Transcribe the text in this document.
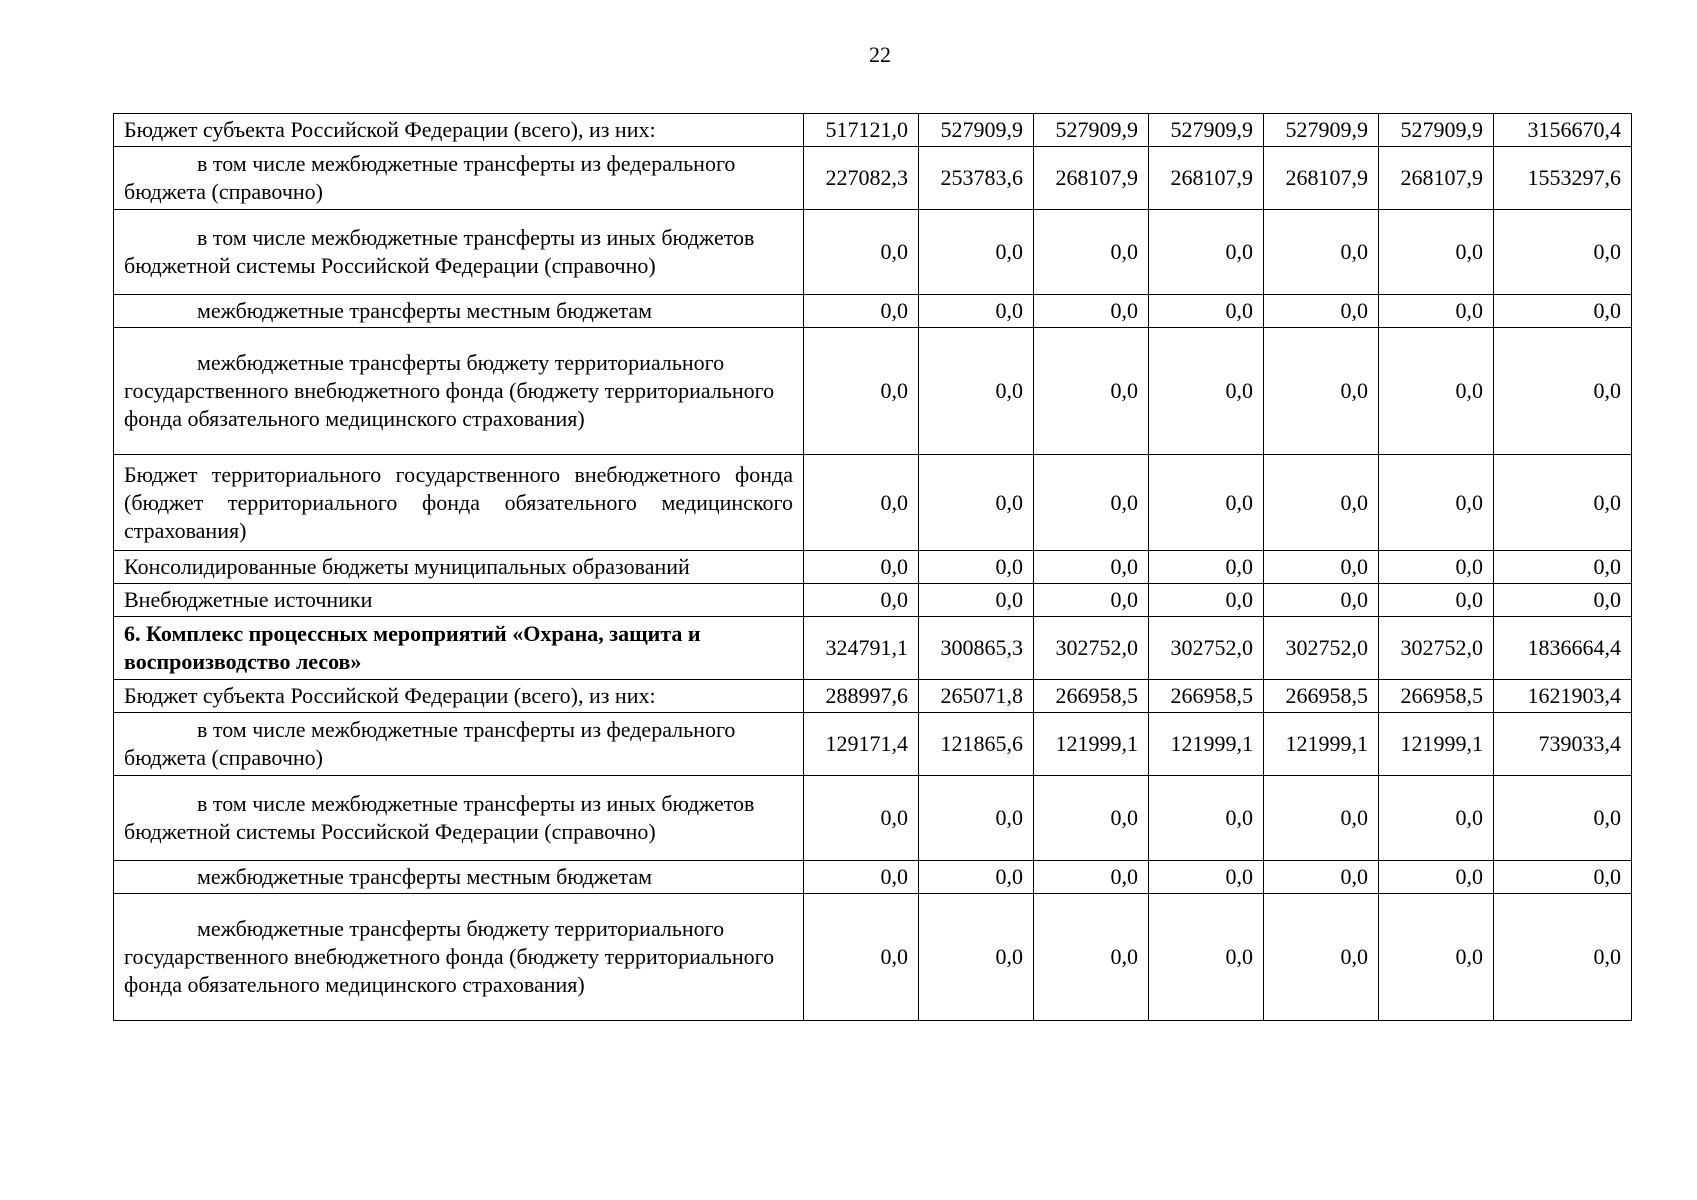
22
Бюджет субъекта Российской Федерации (всего), из них:	517121,0	527909,9	527909,9	527909,9	527909,9	527909,9	3156670,4
в том числе межбюджетные трансферты из федерального бюджета (справочно)	227082,3	253783,6	268107,9	268107,9	268107,9	268107,9	1553297,6
в том числе межбюджетные трансферты из иных бюджетов бюджетной системы Российской Федерации (справочно)	0,0	0,0	0,0	0,0	0,0	0,0	0,0
межбюджетные трансферты местным бюджетам	0,0	0,0	0,0	0,0	0,0	0,0	0,0
межбюджетные трансферты бюджету территориального государственного внебюджетного фонда (бюджету территориального фонда обязательного медицинского страхования)	0,0	0,0	0,0	0,0	0,0	0,0	0,0
Бюджет территориального государственного внебюджетного фонда (бюджет территориального фонда обязательного медицинского страхования)	0,0	0,0	0,0	0,0	0,0	0,0	0,0
Консолидированные бюджеты муниципальных образований	0,0	0,0	0,0	0,0	0,0	0,0	0,0
Внебюджетные источники	0,0	0,0	0,0	0,0	0,0	0,0	0,0
6. Комплекс процессных мероприятий «Охрана, защита и воспроизводство лесов»	324791,1	300865,3	302752,0	302752,0	302752,0	302752,0	1836664,4
Бюджет субъекта Российской Федерации (всего), из них:	288997,6	265071,8	266958,5	266958,5	266958,5	266958,5	1621903,4
в том числе межбюджетные трансферты из федерального бюджета (справочно)	129171,4	121865,6	121999,1	121999,1	121999,1	121999,1	739033,4
в том числе межбюджетные трансферты из иных бюджетов бюджетной системы Российской Федерации (справочно)	0,0	0,0	0,0	0,0	0,0	0,0	0,0
межбюджетные трансферты местным бюджетам	0,0	0,0	0,0	0,0	0,0	0,0	0,0
межбюджетные трансферты бюджету территориального государственного внебюджетного фонда (бюджету территориального фонда обязательного медицинского страхования)	0,0	0,0	0,0	0,0	0,0	0,0	0,0
